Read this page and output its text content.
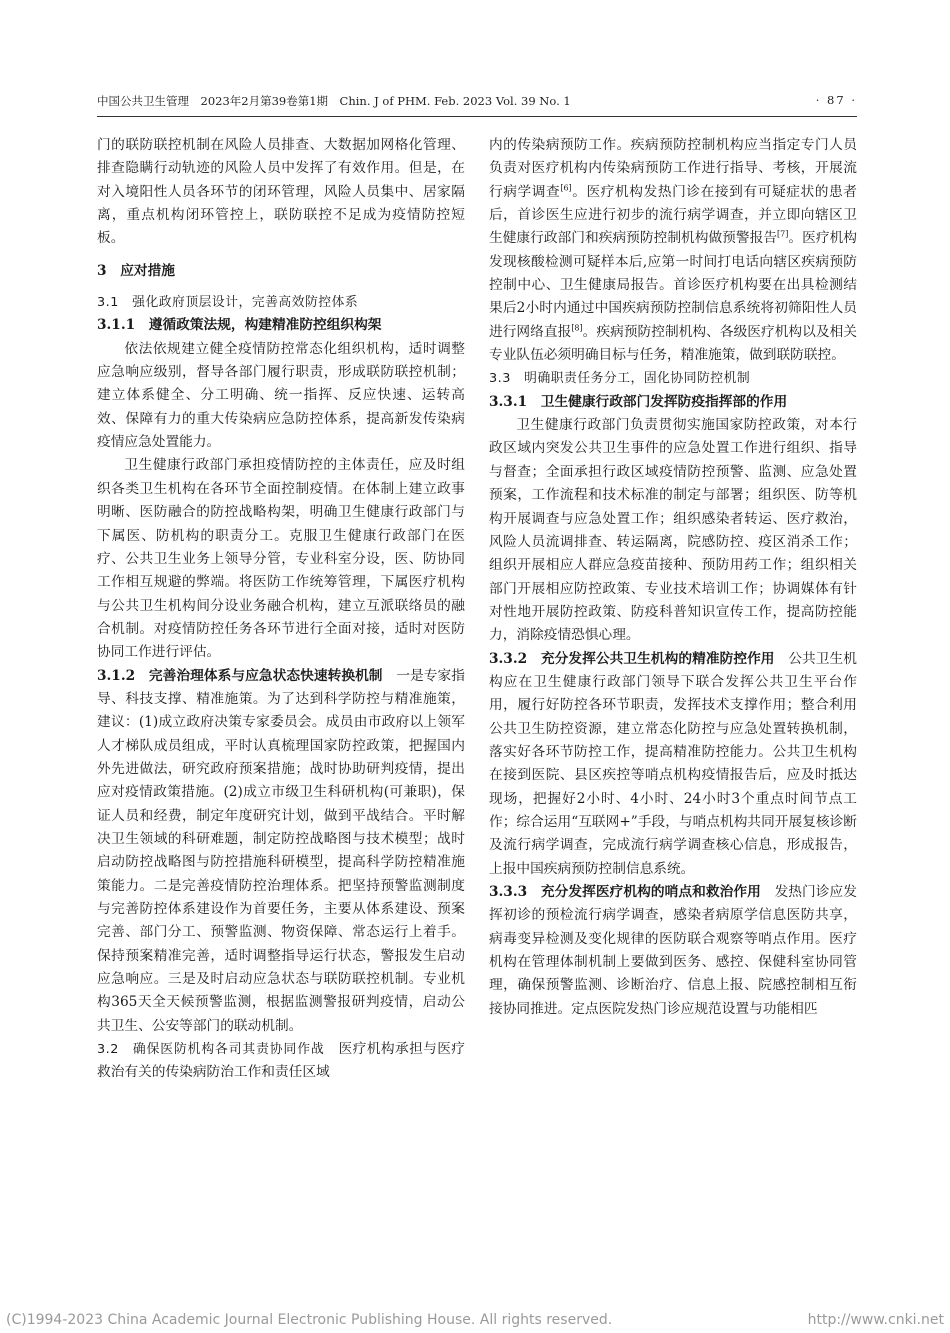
中国公共卫生管理　2023年2月第39卷第1期　Chin. J of PHM. Feb. 2023 Vol. 39 No. 1	· 87 ·

门的联防联控机制在风险人员排查、大数据加网格化管理、排查隐瞒行动轨迹的风险人员中发挥了有效作用。但是，在对入境阳性人员各环节的闭环管理，风险人员集中、居家隔离，重点机构闭环管控上，联防联控不足成为疫情防控短板。

3　应对措施

3.1　强化政府顶层设计，完善高效防控体系

3.1.1　遵循政策法规，构建精准防控组织构架

依法依规建立健全疫情防控常态化组织机构，适时调整应急响应级别，督导各部门履行职责，形成联防联控机制；建立体系健全、分工明确、统一指挥、反应快速、运转高效、保障有力的重大传染病应急防控体系，提高新发传染病疫情应急处置能力。

卫生健康行政部门承担疫情防控的主体责任，应及时组织各类卫生机构在各环节全面控制疫情。在体制上建立政事明晰、医防融合的防控战略构架，明确卫生健康行政部门与下属医、防机构的职责分工。克服卫生健康行政部门在医疗、公共卫生业务上领导分管，专业科室分设，医、防协同工作相互规避的弊端。将医防工作统筹管理，下属医疗机构与公共卫生机构间分设业务融合机构，建立互派联络员的融合机制。对疫情防控任务各环节进行全面对接，适时对医防协同工作进行评估。

3.1.2　完善治理体系与应急状态快速转换机制　 一是专家指导、科技支撑、精准施策。为了达到科学防控与精准施策，建议：(1)成立政府决策专家委员会。成员由市政府以上领军人才梯队成员组成，平时认真梳理国家防控政策，把握国内外先进做法，研究政府预案措施；战时协助研判疫情，提出应对疫情政策措施。(2)成立市级卫生科研机构(可兼职)，保证人员和经费，制定年度研究计划，做到平战结合。平时解决卫生领域的科研难题，制定防控战略图与技术模型；战时启动防控战略图与防控措施科研模型，提高科学防控精准施策能力。二是完善疫情防控治理体系。把坚持预警监测制度与完善防控体系建设作为首要任务，主要从体系建设、预案完善、部门分工、预警监测、物资保障、常态运行上着手。保持预案精准完善，适时调整指导运行状态，警报发生启动应急响应。三是及时启动应急状态与联防联控机制。专业机构365天全天候预警监测，根据监测警报研判疫情，启动公共卫生、公安等部门的联动机制。

3.2　确保医防机构各司其责协同作战　 医疗机构承担与医疗救治有关的传染病防治工作和责任区域

内的传染病预防工作。疾病预防控制机构应当指定专门人员负责对医疗机构内传染病预防工作进行指导、考核，开展流行病学调查[6]。医疗机构发热门诊在接到有可疑症状的患者后，首诊医生应进行初步的流行病学调查，并立即向辖区卫生健康行政部门和疾病预防控制机构做预警报告[7]。医疗机构发现核酸检测可疑样本后,应第一时间打电话向辖区疾病预防控制中心、卫生健康局报告。首诊医疗机构要在出具检测结果后2小时内通过中国疾病预防控制信息系统将初筛阳性人员进行网络直报[8]。疾病预防控制机构、各级医疗机构以及相关专业队伍必须明确目标与任务，精准施策，做到联防联控。

3.3　明确职责任务分工，固化协同防控机制

3.3.1　卫生健康行政部门发挥防疫指挥部的作用

卫生健康行政部门负责贯彻实施国家防控政策，对本行政区域内突发公共卫生事件的应急处置工作进行组织、指导与督查；全面承担行政区域疫情防控预警、监测、应急处置预案，工作流程和技术标准的制定与部署；组织医、防等机构开展调查与应急处置工作；组织感染者转运、医疗救治，风险人员流调排查、转运隔离，院感防控、疫区消杀工作；组织开展相应人群应急疫苗接种、预防用药工作；组织相关部门开展相应防控政策、专业技术培训工作；协调媒体有针对性地开展防控政策、防疫科普知识宣传工作，提高防控能力，消除疫情恐惧心理。

3.3.2　充分发挥公共卫生机构的精准防控作用　 公共卫生机构应在卫生健康行政部门领导下联合发挥公共卫生平台作用，履行好防控各环节职责，发挥技术支撑作用；整合利用公共卫生防控资源，建立常态化防控与应急处置转换机制，落实好各环节防控工作，提高精准防控能力。公共卫生机构在接到医院、县区疾控等哨点机构疫情报告后，应及时抵达现场，把握好2小时、4小时、24小时3个重点时间节点工作；综合运用“互联网+”手段，与哨点机构共同开展复核诊断及流行病学调查，完成流行病学调查核心信息，形成报告，上报中国疾病预防控制信息系统。

3.3.3　充分发挥医疗机构的哨点和救治作用　 发热门诊应发挥初诊的预检流行病学调查，感染者病原学信息医防共享，病毒变异检测及变化规律的医防联合观察等哨点作用。医疗机构在管理体制机制上要做到医务、感控、保健科室协同管理，确保预警监测、诊断治疗、信息上报、院感控制相互衔接协同推进。定点医院发热门诊应规范设置与功能相匹

(C)1994-2023 China Academic Journal Electronic Publishing House. All rights reserved.	http://www.cnki.net
